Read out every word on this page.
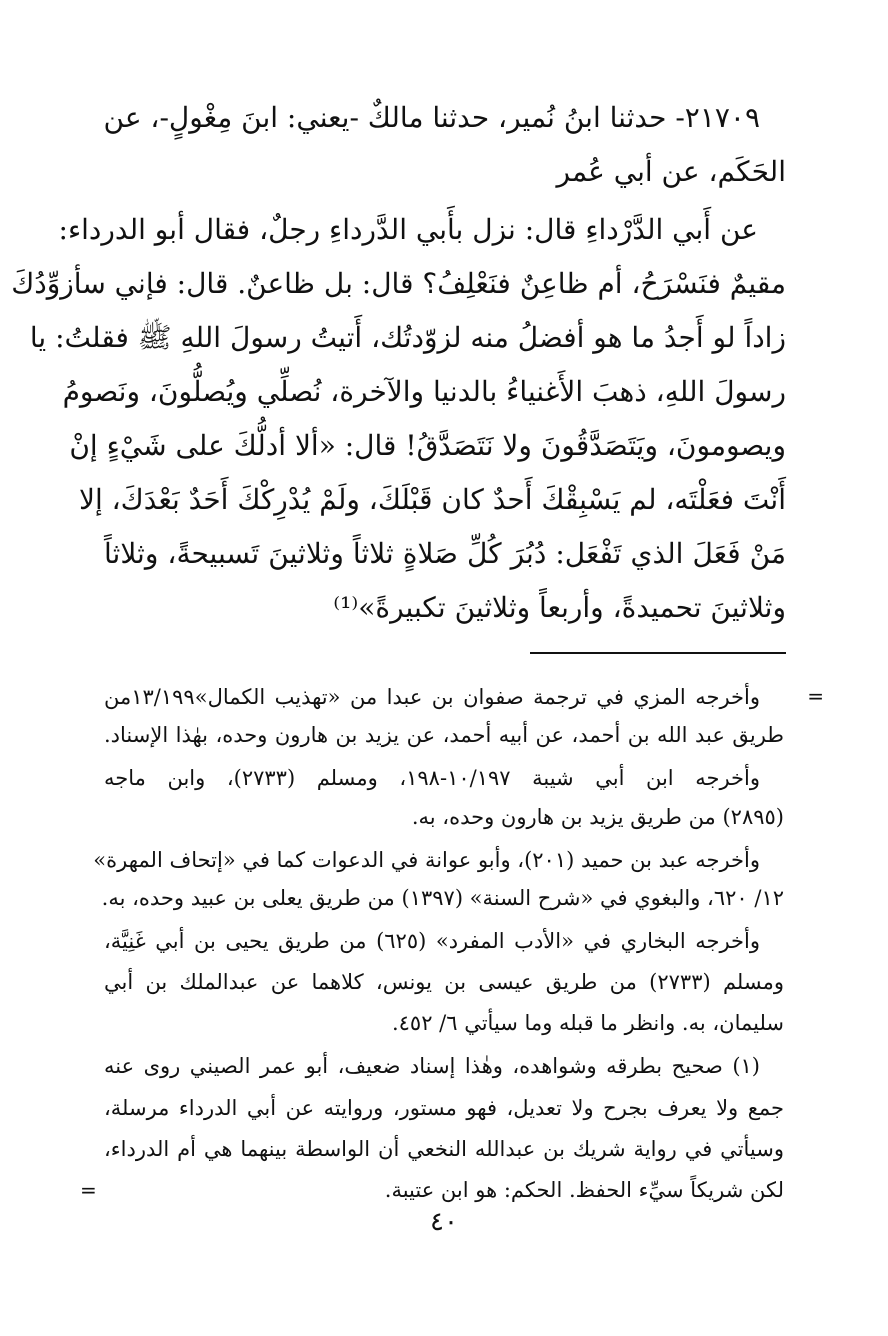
٢١٧٠٩- حدثنا ابنُ نُمير، حدثنا مالكٌ -يعني: ابنَ مِغْولٍ-، عن
الحَكَم، عن أبي عُمر
عن أَبي الدَّرْداءِ قال: نزل بأَبي الدَّرداءِ رجلٌ، فقال أبو الدرداء:
مقيمٌ فنَسْرَحُ، أم ظاعِنٌ فنَعْلِفُ؟ قال: بل ظاعنٌ. قال: فإني سأزوِّدُكَ
زاداً لو أَجدُ ما هو أفضلُ منه لزوّدتُك، أَتيتُ رسولَ اللهِ ﷺ فقلتُ: يا
رسولَ اللهِ، ذهبَ الأَغنياءُ بالدنيا والآخرة، نُصلِّي ويُصلُّونَ، ونَصومُ
ويصومونَ، ويَتَصَدَّقُونَ ولا نَتَصَدَّقُ! قال: «ألا أدلُّكَ على شَيْءٍ إنْ
أَنْتَ فعَلْتَه، لم يَسْبِقْكَ أَحدٌ كان قَبْلَكَ، ولَمْ يُدْرِكْكَ أَحَدٌ بَعْدَكَ، إلا
مَنْ فَعَلَ الذي تَفْعَل: دُبُرَ كُلِّ صَلاةٍ ثلاثاً وثلاثينَ تَسبيحةً، وثلاثاً
وثلاثينَ تحميدةً، وأربعاً وثلاثينَ تكبيرةً»⁽¹⁾
=
وأخرجه المزي في ترجمة صفوان بن عبدا من «تهذيب الكمال»١٣/١٩٩من
طريق عبد الله بن أحمد، عن أبيه أحمد، عن يزيد بن هارون وحده، بهٰذا الإسناد.
وأخرجه ابن أبي شيبة ١٠/١٩٧-١٩٨، ومسلم (٢٧٣٣)، وابن ماجه
(٢٨٩٥) من طريق يزيد بن هارون وحده، به.
وأخرجه عبد بن حميد (٢٠١)، وأبو عوانة في الدعوات كما في «إتحاف المهرة»
١٢/ ٦٢٠، والبغوي في «شرح السنة» (١٣٩٧) من طريق يعلى بن عبيد وحده، به.
وأخرجه البخاري في «الأدب المفرد» (٦٢٥) من طريق يحيى بن أبي غَنِيَّة،
ومسلم (٢٧٣٣) من طريق عيسى بن يونس، كلاهما عن عبدالملك بن أبي
سليمان، به. وانظر ما قبله وما سيأتي ٦/ ٤٥٢.
(١) صحيح بطرقه وشواهده، وهٰذا إسناد ضعيف، أبو عمر الصيني روى عنه
جمع ولا يعرف بجرح ولا تعديل، فهو مستور، وروايته عن أبي الدرداء مرسلة،
وسيأتي في رواية شريك بن عبدالله النخعي أن الواسطة بينهما هي أم الدرداء،
لكن شريكاً سيِّء الحفظ. الحكم: هو ابن عتيبة.
=
٤٠
